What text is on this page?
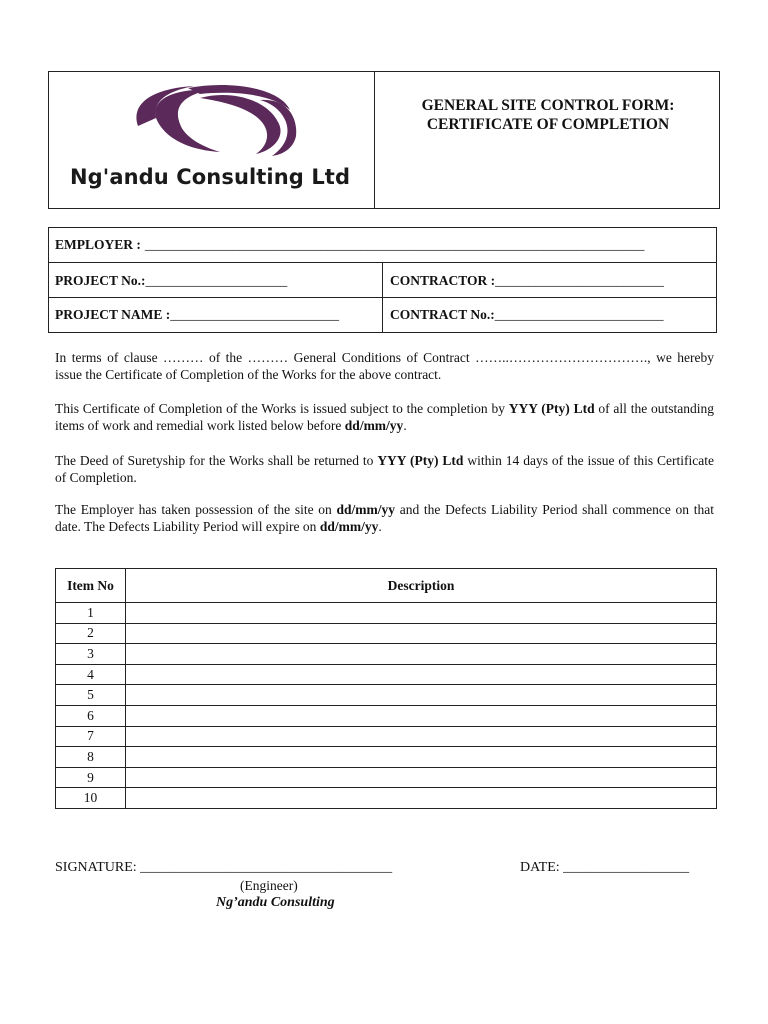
Ng'andu Consulting Ltd
GENERAL SITE CONTROL FORM:
CERTIFICATE OF COMPLETION
EMPLOYER : __________________________________________________________________________
PROJECT No.:_____________________	CONTRACTOR :_________________________
PROJECT NAME :_________________________	CONTRACT No.:_________________________
In terms of clause ……… of the ……… General Conditions of Contract ……..…………………………., we hereby issue the Certificate of Completion of the Works for the above contract.
This Certificate of Completion of the Works is issued subject to the completion by YYY (Pty) Ltd of all the outstanding items of work and remedial work listed below before dd/mm/yy.
The Deed of Suretyship for the Works shall be returned to YYY (Pty) Ltd within 14 days of the issue of this Certificate of Completion.
The Employer has taken possession of the site on dd/mm/yy and the Defects Liability Period shall commence on that date. The Defects Liability Period will expire on dd/mm/yy.
Item No	Description
1	
2	
3	
4	
5	
6	
7	
8	
9	
10	
SIGNATURE: ____________________________________	DATE: __________________
(Engineer)
Ng’andu Consulting
